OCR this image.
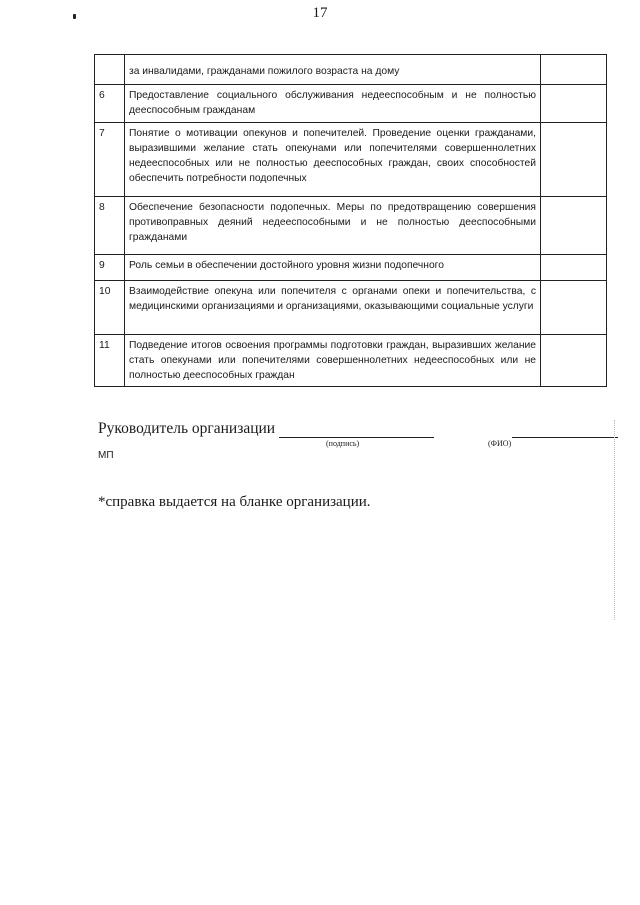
17
	за инвалидами, гражданами пожилого возраста на дому	
6	Предоставление социального обслуживания недееспособным и не полностью дееспособным гражданам	
7	Понятие о мотивации опекунов и попечителей. Проведение оценки гражданами, выразившими желание стать опекунами или попечителями совершеннолетних недееспособных или не полностью дееспособных граждан, своих способностей обеспечить потребности подопечных	
8	Обеспечение безопасности подопечных. Меры по предотвращению совершения противоправных деяний недееспособными и не полностью дееспособными гражданами	
9	Роль семьи в обеспечении достойного уровня жизни подопечного	
10	Взаимодействие опекуна или попечителя с органами опеки и попечительства, с медицинскими организациями и организациями, оказывающими социальные услуги	
11	Подведение итогов освоения программы подготовки граждан, выразивших желание стать опекунами или попечителями совершеннолетних недееспособных или не полностью дееспособных граждан	
Руководитель организации
(подпись)	(ФИО)
МП
*справка выдается на бланке организации.
